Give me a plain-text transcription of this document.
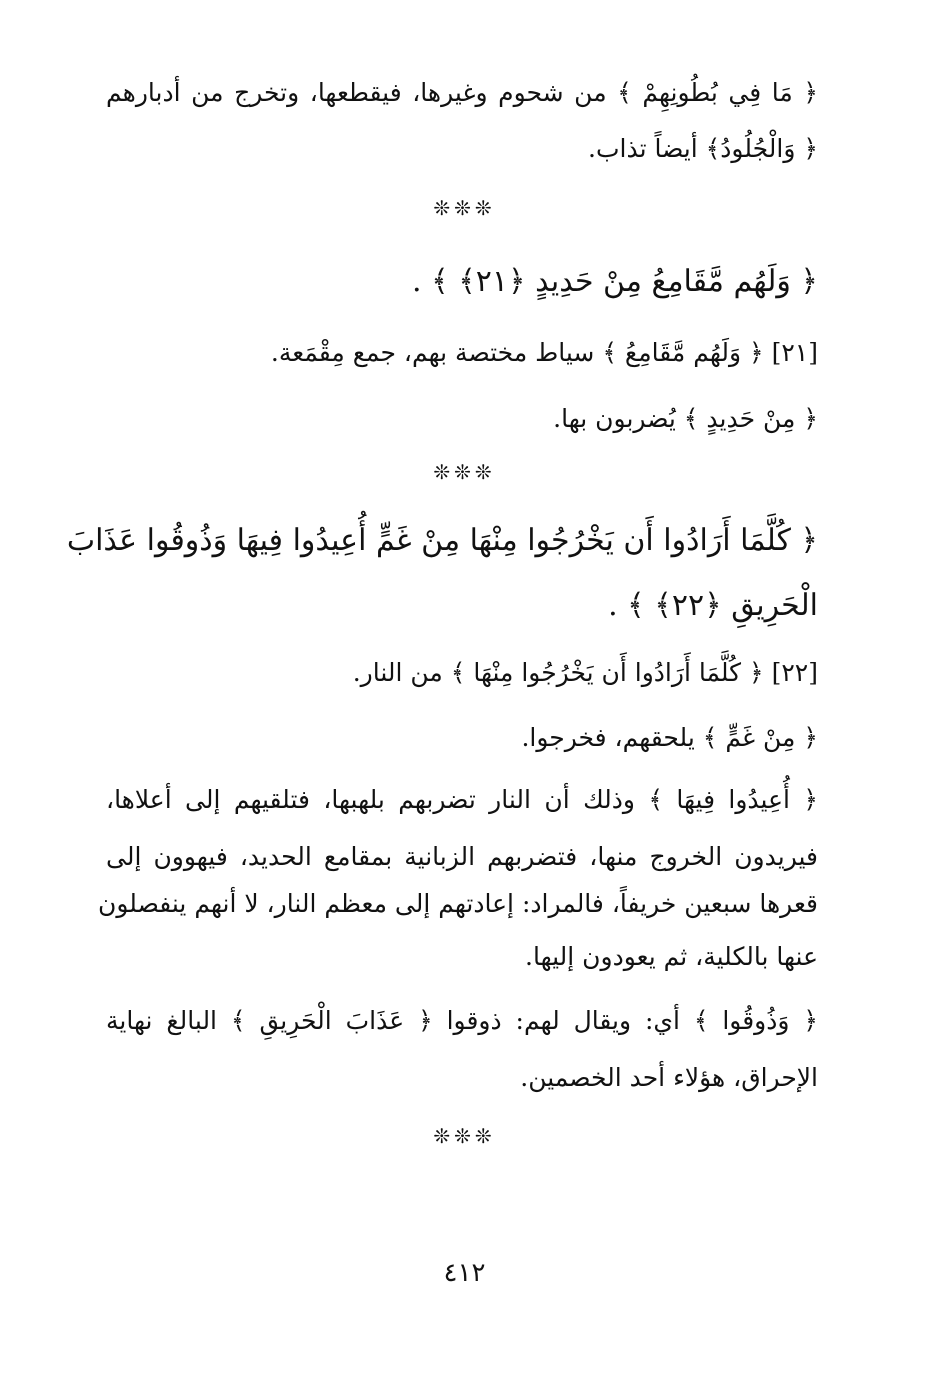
﴿ مَا فِي بُطُونِهِمْ ﴾ من شحوم وغيرها، فيقطعها، وتخرج من أدبارهم
﴿ وَالْجُلُودُ﴾ أيضاً تذاب.
❊❊❊
﴿ وَلَهُم مَّقَامِعُ مِنْ حَدِيدٍ ﴿٢١﴾ ﴾ .
[٢١] ﴿ وَلَهُم مَّقَامِعُ ﴾ سياط مختصة بهم، جمع مِقْمَعة.
﴿ مِنْ حَدِيدٍ ﴾ يُضربون بها.
❊❊❊
﴿ كُلَّمَا أَرَادُوا أَن يَخْرُجُوا مِنْهَا مِنْ غَمٍّ أُعِيدُوا فِيهَا وَذُوقُوا عَذَابَ
الْحَرِيقِ ﴿٢٢﴾ ﴾ .
[٢٢] ﴿ كُلَّمَا أَرَادُوا أَن يَخْرُجُوا مِنْهَا ﴾ من النار.
﴿ مِنْ غَمٍّ ﴾ يلحقهم، فخرجوا.
﴿ أُعِيدُوا فِيهَا ﴾ وذلك أن النار تضربهم بلهبها، فتلقيهم إلى أعلاها،
فيريدون الخروج منها، فتضربهم الزبانية بمقامع الحديد، فيهوون إلى
قعرها سبعين خريفاً، فالمراد: إعادتهم إلى معظم النار، لا أنهم ينفصلون
عنها بالكلية، ثم يعودون إليها.
﴿ وَذُوقُوا ﴾ أي: ويقال لهم: ذوقوا ﴿ عَذَابَ الْحَرِيقِ ﴾ البالغ نهاية
الإحراق، هؤلاء أحد الخصمين.
❊❊❊
٤١٢
